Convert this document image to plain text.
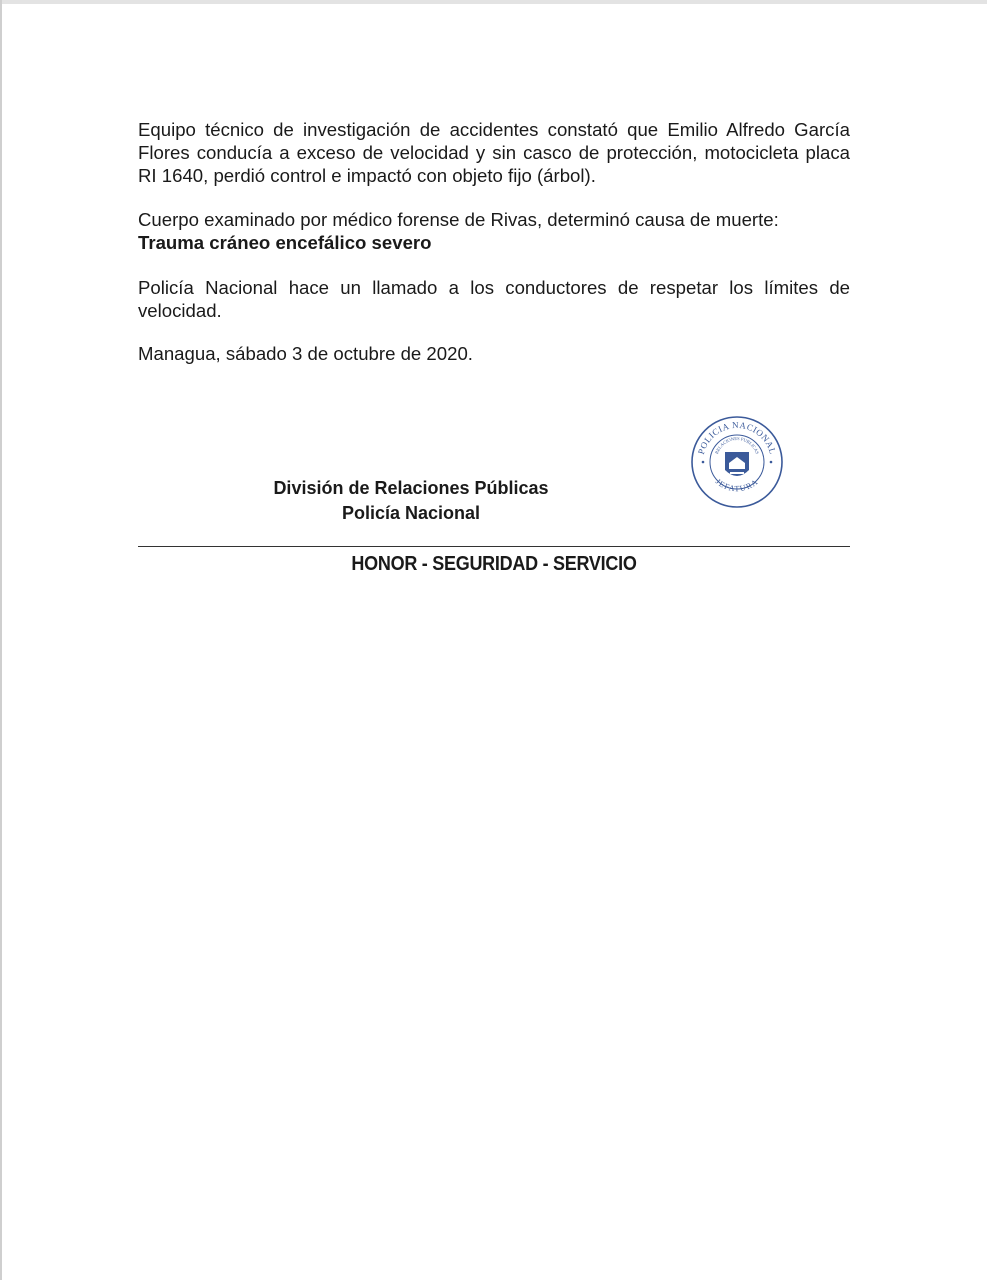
Equipo técnico de investigación de accidentes constató que Emilio Alfredo García Flores conducía a exceso de velocidad y sin casco de protección, motocicleta placa RI 1640, perdió control e impactó con objeto fijo (árbol).

Cuerpo examinado por médico forense de Rivas, determinó causa de muerte:
Trauma cráneo encefálico severo

Policía Nacional hace un llamado a los conductores de respetar los límites de velocidad.

Managua, sábado 3 de octubre de 2020.

División de Relaciones Públicas
Policía Nacional
POLICIA NACIONAL
RELACIONES PUBLICAS
JEFATURA
HONOR - SEGURIDAD - SERVICIO
